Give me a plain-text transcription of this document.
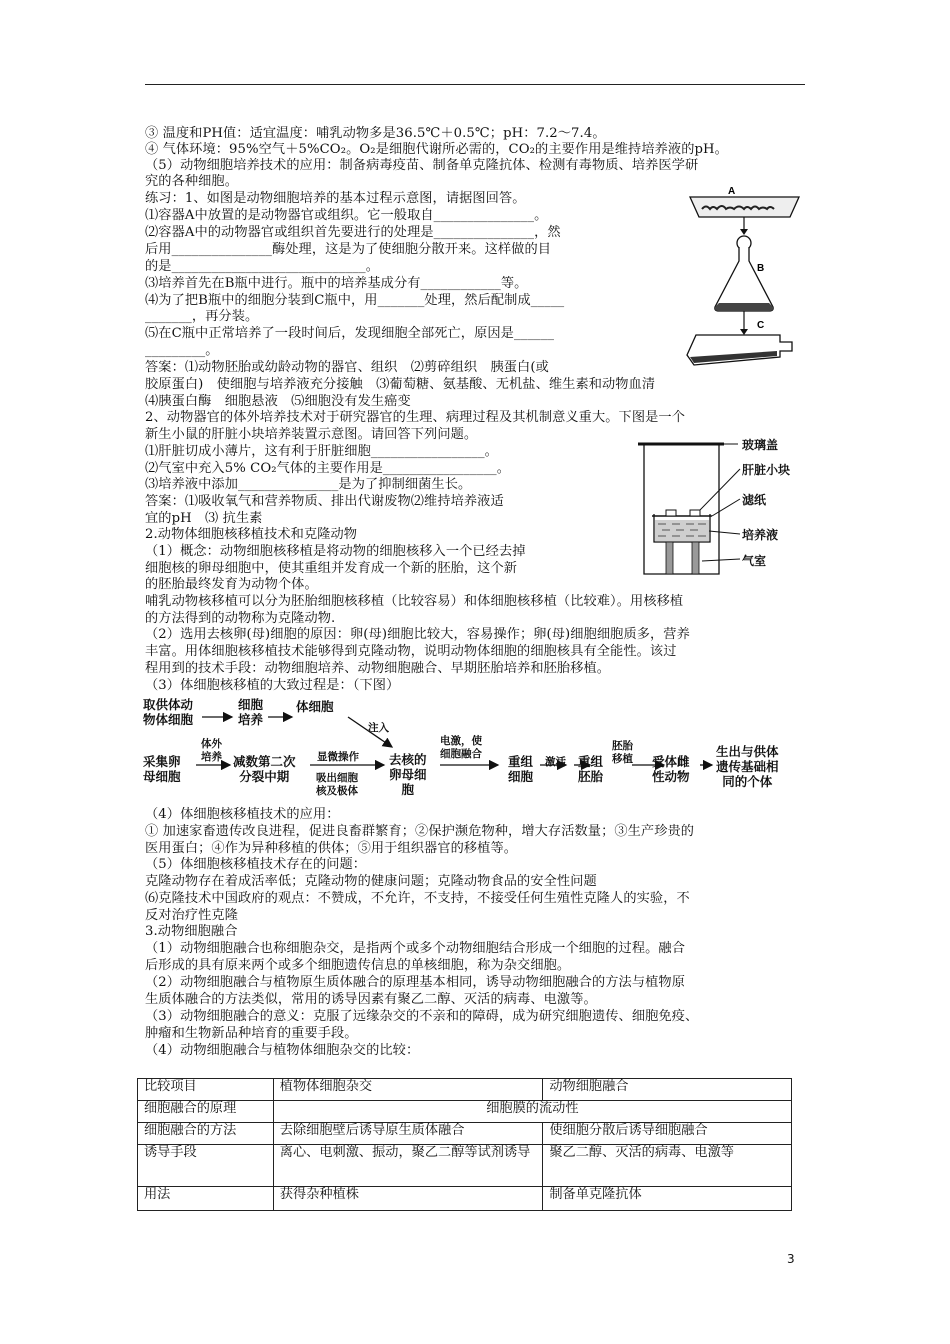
③ 温度和PH值：适宜温度：哺乳动物多是36.5℃＋0.5℃；pH：7.2～7.4。
④ 气体环境：95%空气＋5%CO₂。O₂是细胞代谢所必需的，CO₂的主要作用是维持培养液的pH。
（5）动物细胞培养技术的应用：制备病毒疫苗、制备单克隆抗体、检测有毒物质、培养医学研
究的各种细胞。
练习：1、如图是动物细胞培养的基本过程示意图，请据图回答。
⑴容器A中放置的是动物器官或组织。它一般取自_______________。
⑵容器A中的动物器官或组织首先要进行的处理是_______________，然
后用_______________酶处理，这是为了使细胞分散开来。这样做的目
的是_____________________________。
⑶培养首先在B瓶中进行。瓶中的培养基成分有____________等。
⑷为了把B瓶中的细胞分装到C瓶中，用_______处理，然后配制成_____
_______，再分装。
⑸在C瓶中正常培养了一段时间后，发现细胞全部死亡，原因是______
_________。
答案：⑴动物胚胎或幼龄动物的器官、组织　⑵剪碎组织　胰蛋白(或
胶原蛋白)　使细胞与培养液充分接触　⑶葡萄糖、氨基酸、无机盐、维生素和动物血清
⑷胰蛋白酶　细胞悬液　⑸细胞没有发生癌变
2、动物器官的体外培养技术对于研究器官的生理、病理过程及其机制意义重大。下图是一个
新生小鼠的肝脏小块培养装置示意图。请回答下列问题。
⑴肝脏切成小薄片，这有利于肝脏细胞_________________。
⑵气室中充入5% CO₂气体的主要作用是_________________。
⑶培养液中添加_______________是为了抑制细菌生长。
答案：⑴吸收氧气和营养物质、排出代谢废物⑵维持培养液适
宜的pH　⑶ 抗生素
2.动物体细胞核移植技术和克隆动物
（1）概念：动物细胞核移植是将动物的细胞核移入一个已经去掉
细胞核的卵母细胞中，使其重组并发育成一个新的胚胎，这个新
的胚胎最终发育为动物个体。
哺乳动物核移植可以分为胚胎细胞核移植（比较容易）和体细胞核移植（比较难）。用核移植
的方法得到的动物称为克隆动物.
（2）选用去核卵(母)细胞的原因：卵(母)细胞比较大，容易操作；卵(母)细胞细胞质多，营养
丰富。用体细胞核移植技术能够得到克隆动物，说明动物体细胞的细胞核具有全能性。该过
程用到的技术手段：动物细胞培养、动物细胞融合、早期胚胎培养和胚胎移植。
（3）体细胞核移植的大致过程是：（下图）
A
B
C
玻璃盖
肝脏小块
滤纸
培养液
气室
取供体动
物体细胞
细胞
培养
体细胞
注入
采集卵
母细胞
体外
培养 减数第二次
分裂中期
显微操作
吸出细胞
核及极体
去核的
卵母细
胞
电激，使
细胞融合 重组
细胞
激活 重组
胚胎
胚胎
移植 受体雌
性动物
生出与供体
遗传基础相
同的个体
（4）体细胞核移植技术的应用：
① 加速家畜遗传改良进程，促进良畜群繁育；②保护濒危物种，增大存活数量；③生产珍贵的
医用蛋白；④作为异种移植的供体；⑤用于组织器官的移植等。
（5）体细胞核移植技术存在的问题：
克隆动物存在着成活率低；克隆动物的健康问题；克隆动物食品的安全性问题
⑹克隆技术中国政府的观点：不赞成，不允许，不支持，不接受任何生殖性克隆人的实验，不
反对治疗性克隆
3.动物细胞融合
（1）动物细胞融合也称细胞杂交，是指两个或多个动物细胞结合形成一个细胞的过程。融合
后形成的具有原来两个或多个细胞遗传信息的单核细胞，称为杂交细胞。
（2）动物细胞融合与植物原生质体融合的原理基本相同，诱导动物细胞融合的方法与植物原
生质体融合的方法类似，常用的诱导因素有聚乙二醇、灭活的病毒、电激等。
（3）动物细胞融合的意义：克服了远缘杂交的不亲和的障碍，成为研究细胞遗传、细胞免疫、
肿瘤和生物新品种培育的重要手段。
（4）动物细胞融合与植物体细胞杂交的比较：
比较项目	植物体细胞杂交	动物细胞融合
细胞融合的原理	细胞膜的流动性	
细胞融合的方法	去除细胞壁后诱导原生质体融合	使细胞分散后诱导细胞融合
诱导手段	离心、电刺激、振动，聚乙二醇等试剂诱导	聚乙二醇、灭活的病毒、电激等
用法	获得杂种植株	制备单克隆抗体
3
